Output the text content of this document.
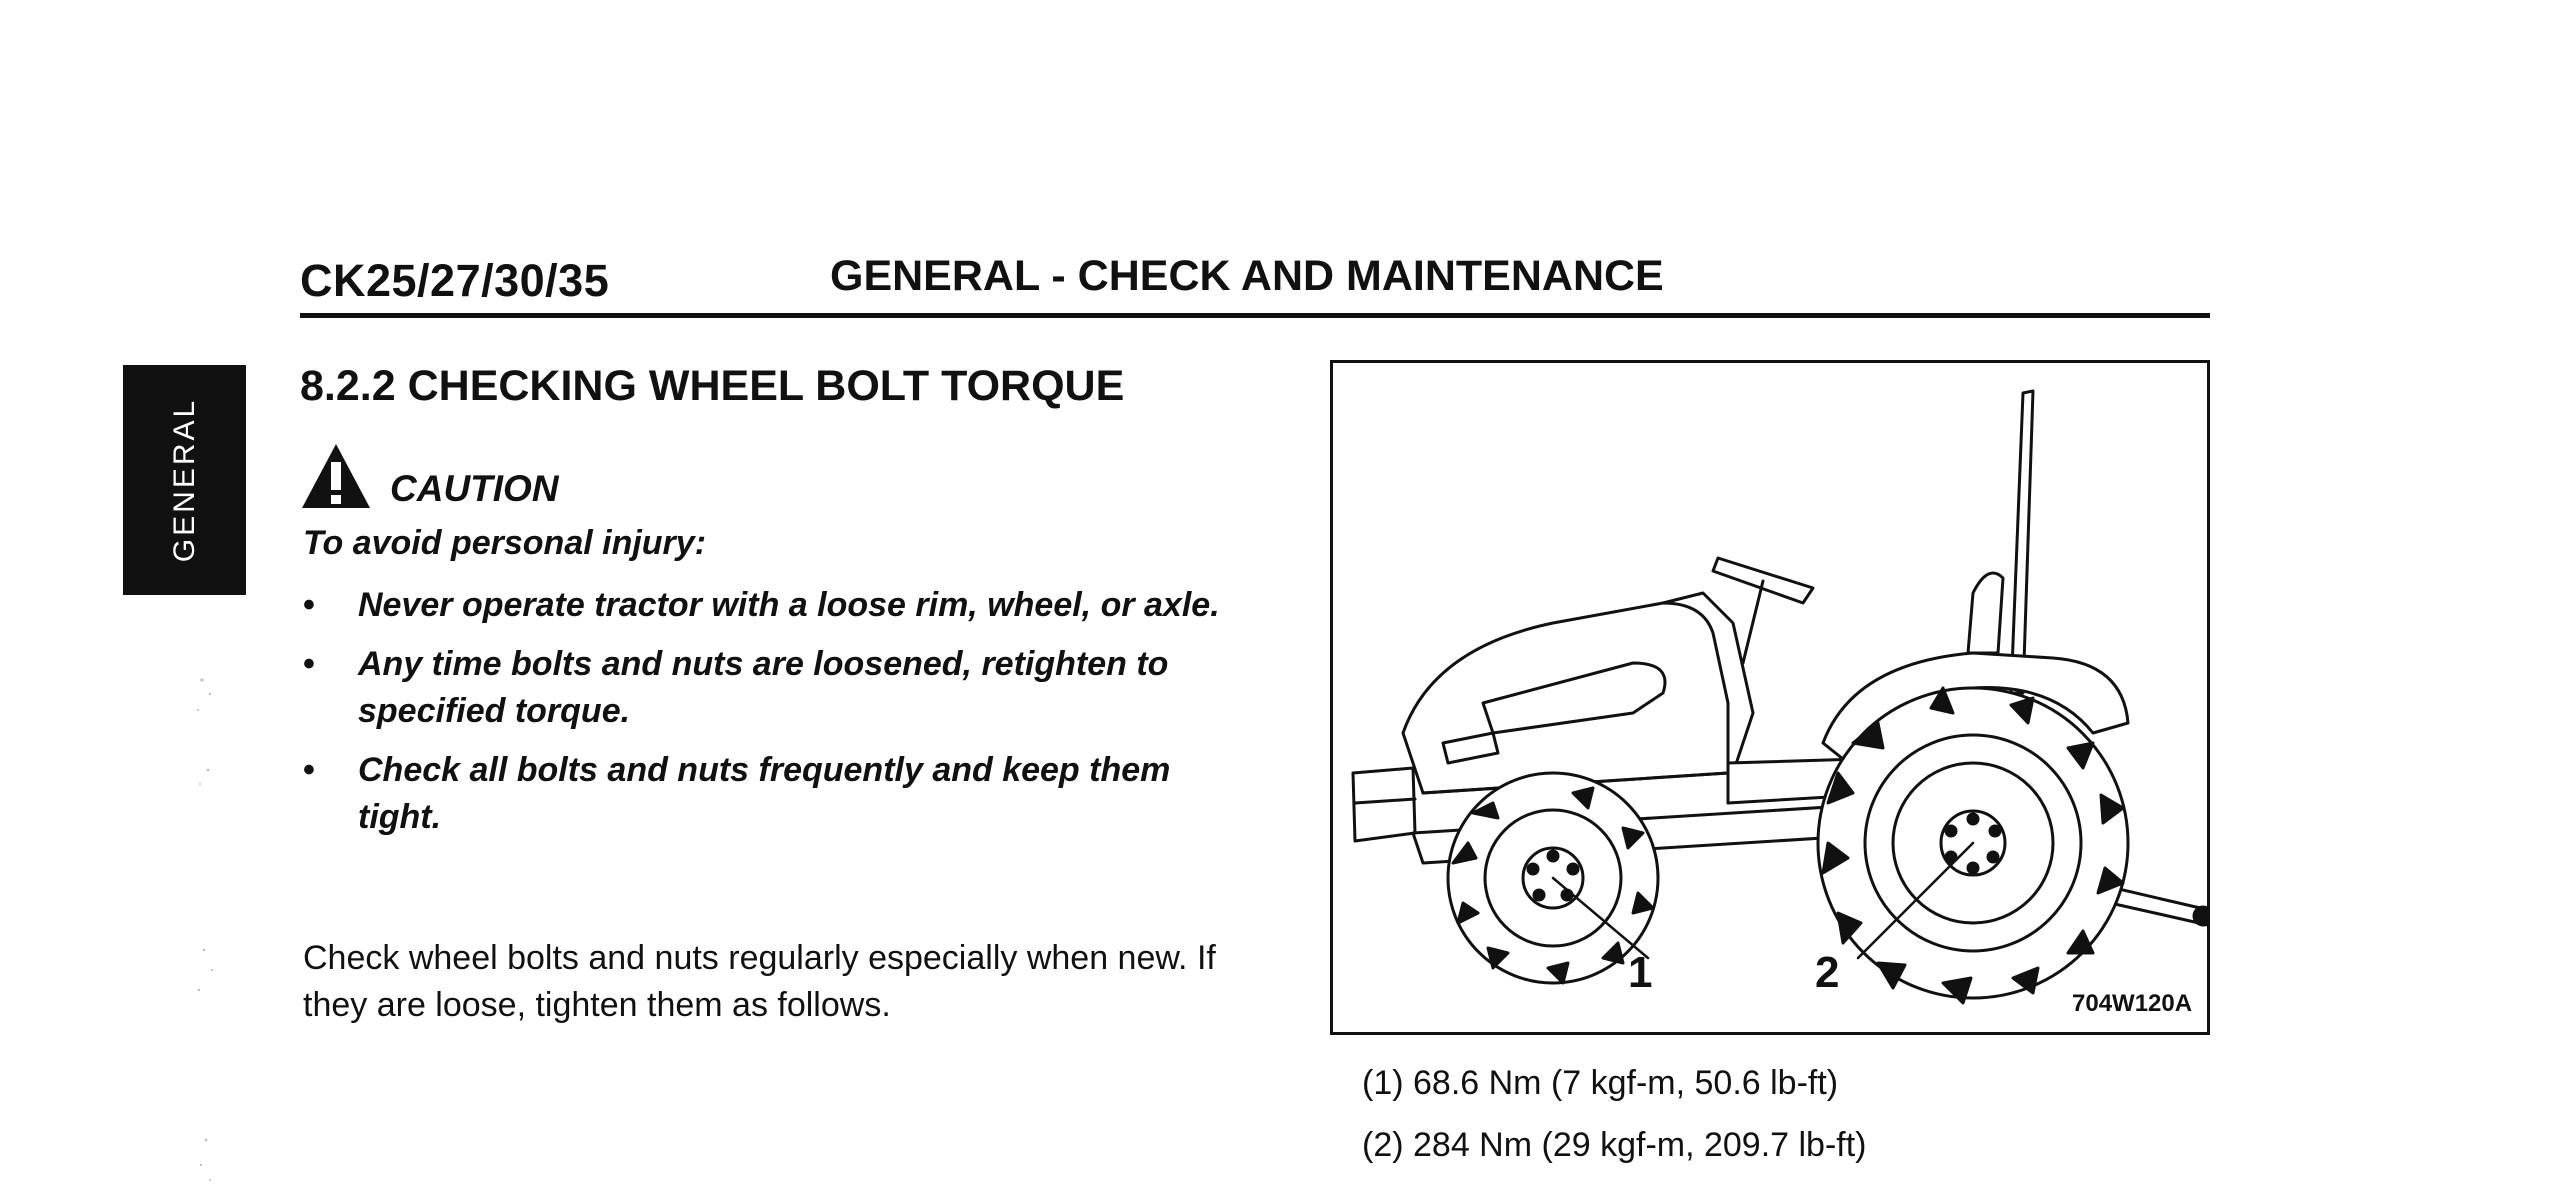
CK25/27/30/35	GENERAL - CHECK AND MAINTENANCE
GENERAL
8.2.2 CHECKING WHEEL BOLT TORQUE
CAUTION
To avoid personal injury:
• Never operate tractor with a loose rim, wheel, or axle.
• Any time bolts and nuts are loosened, retighten to specified torque.
• Check all bolts and nuts frequently and keep them tight.
Check wheel bolts and nuts regularly especially when new. If they are loose, tighten them as follows.
1	2
704W120A
(1) 68.6 Nm (7 kgf-m, 50.6 lb-ft)
(2) 284 Nm (29 kgf-m, 209.7 lb-ft)
